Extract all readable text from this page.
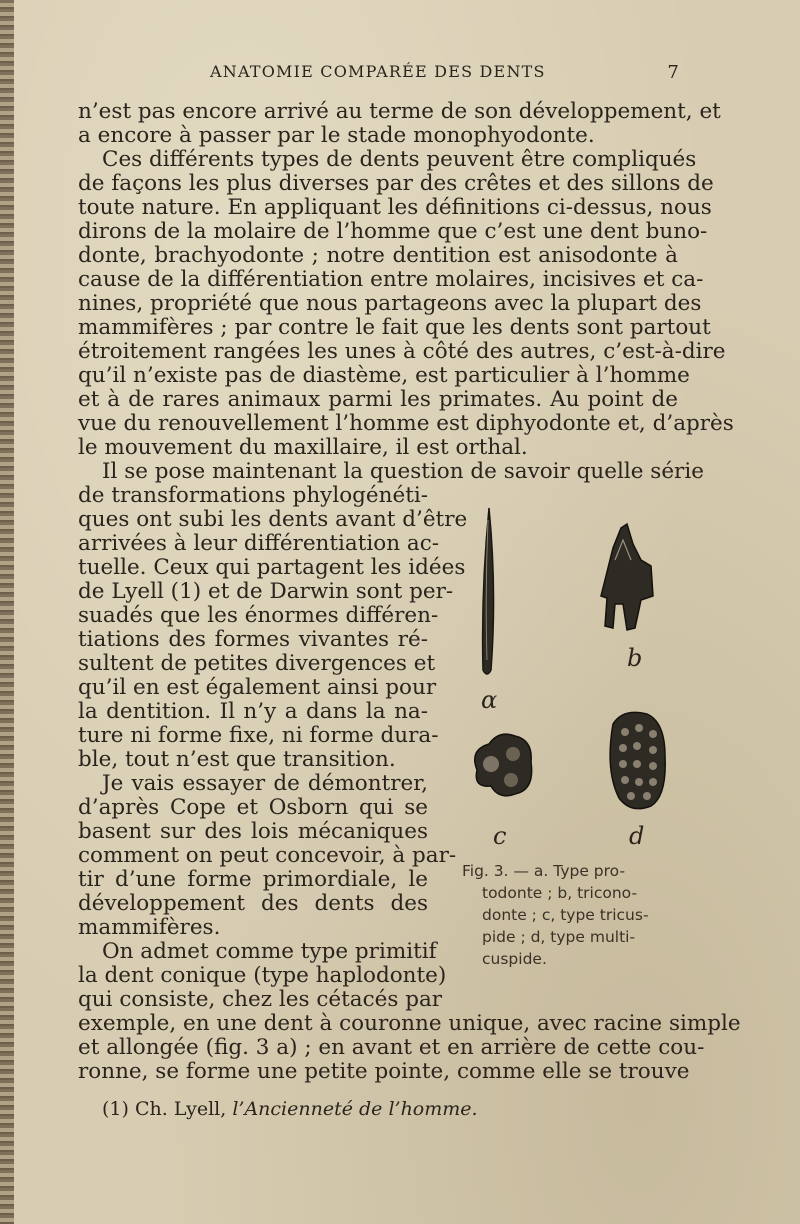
ANATOMIE COMPARÉE DES DENTS	7
n’est pas encore arrivé au terme de son développement, et
a encore à passer par le stade monophyodonte.
Ces différents types de dents peuvent être compliqués
de façons les plus diverses par des crêtes et des sillons de
toute nature. En appliquant les définitions ci-dessus, nous
dirons de la molaire de l’homme que c’est une dent buno-
donte, brachyodonte ; notre dentition est anisodonte à
cause de la différentiation entre molaires, incisives et ca-
nines, propriété que nous partageons avec la plupart des
mammifères ; par contre le fait que les dents sont partout
étroitement rangées les unes à côté des autres, c’est-à-dire
qu’il n’existe pas de diastème, est particulier à l’homme
et à de rares animaux parmi les primates. Au point de
vue du renouvellement l’homme est diphyodonte et, d’après
le mouvement du maxillaire, il est orthal.
Il se pose maintenant la question de savoir quelle série
de transformations phylogénéti-
ques ont subi les dents avant d’être
arrivées à leur différentiation ac-
tuelle. Ceux qui partagent les idées
de Lyell (1) et de Darwin sont per-
suadés que les énormes différen-
tiations des formes vivantes ré-
sultent de petites divergences et
qu’il en est également ainsi pour
la dentition. Il n’y a dans la na-
ture ni forme fixe, ni forme dura-
ble, tout n’est que transition.
Je vais essayer de démontrer,
d’après Cope et Osborn qui se
basent sur des lois mécaniques
comment on peut concevoir, à par-
tir d’une forme primordiale, le
développement des dents des
mammifères.
On admet comme type primitif
la dent conique (type haplodonte)
qui consiste, chez les cétacés par
exemple, en une dent à couronne unique, avec racine simple
et allongée (fig. 3 a) ; en avant et en arrière de cette cou-
ronne, se forme une petite pointe, comme elle se trouve
α
b
c	d
Fig. 3. — a. Type pro-
todonte ; b, tricono-
donte ; c, type tricus-
pide ; d, type multi-
cuspide.
(1) Ch. Lyell, l’Ancienneté de l’homme.
